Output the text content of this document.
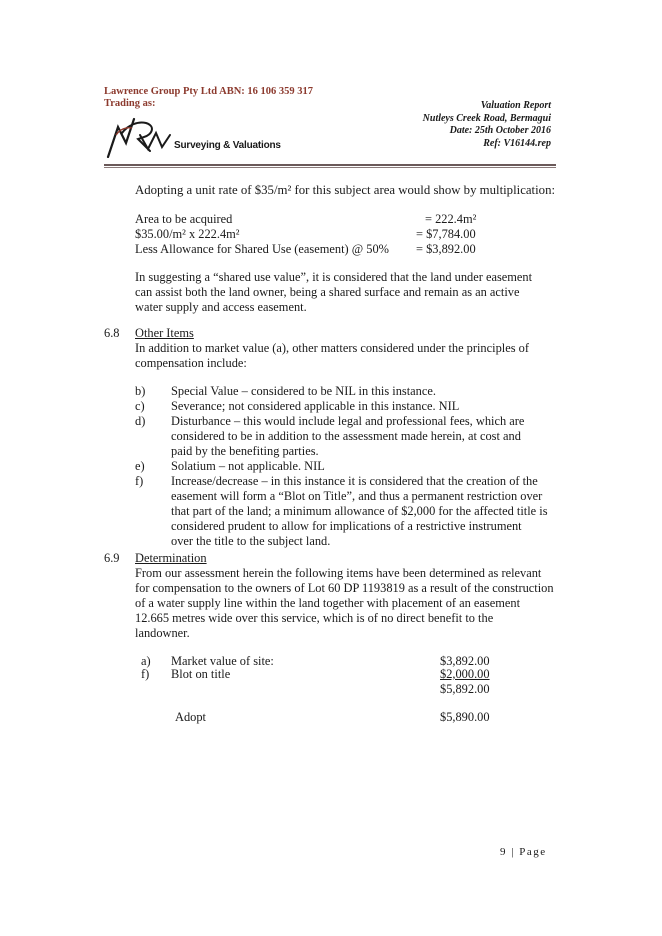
Lawrence Group Pty Ltd ABN: 16 106 359 317
Trading as:	Valuation Report
Nutleys Creek Road, Bermagui
Date: 25th October 2016
Ref: V16144.rep
Surveying & Valuations
Adopting a unit rate of $35/m² for this subject area would show by multiplication:
Area to be acquired	= 222.4m²
$35.00/m² x 222.4m²	= $7,784.00
Less Allowance for Shared Use (easement) @ 50% = $3,892.00
In suggesting a “shared use value”, it is considered that the land under easement
can assist both the land owner, being a shared surface and remain as an active
water supply and access easement.
6.8 Other Items
In addition to market value (a), other matters considered under the principles of
compensation include:
b) Special Value – considered to be NIL in this instance.
c) Severance; not considered applicable in this instance. NIL
d) Disturbance – this would include legal and professional fees, which are
considered to be in addition to the assessment made herein, at cost and
paid by the benefiting parties.
e) Solatium – not applicable. NIL
f) Increase/decrease – in this instance it is considered that the creation of the
easement will form a “Blot on Title”, and thus a permanent restriction over
that part of the land; a minimum allowance of $2,000 for the affected title is
considered prudent to allow for implications of a restrictive instrument
over the title to the subject land.
6.9 Determination
From our assessment herein the following items have been determined as relevant
for compensation to the owners of Lot 60 DP 1193819 as a result of the construction
of a water supply line within the land together with placement of an easement
12.665 metres wide over this service, which is of no direct benefit to the
landowner.
a) Market value of site:	$3,892.00
f) Blot on title	$2,000.00
$5,892.00
Adopt	$5,890.00
9 | Page
